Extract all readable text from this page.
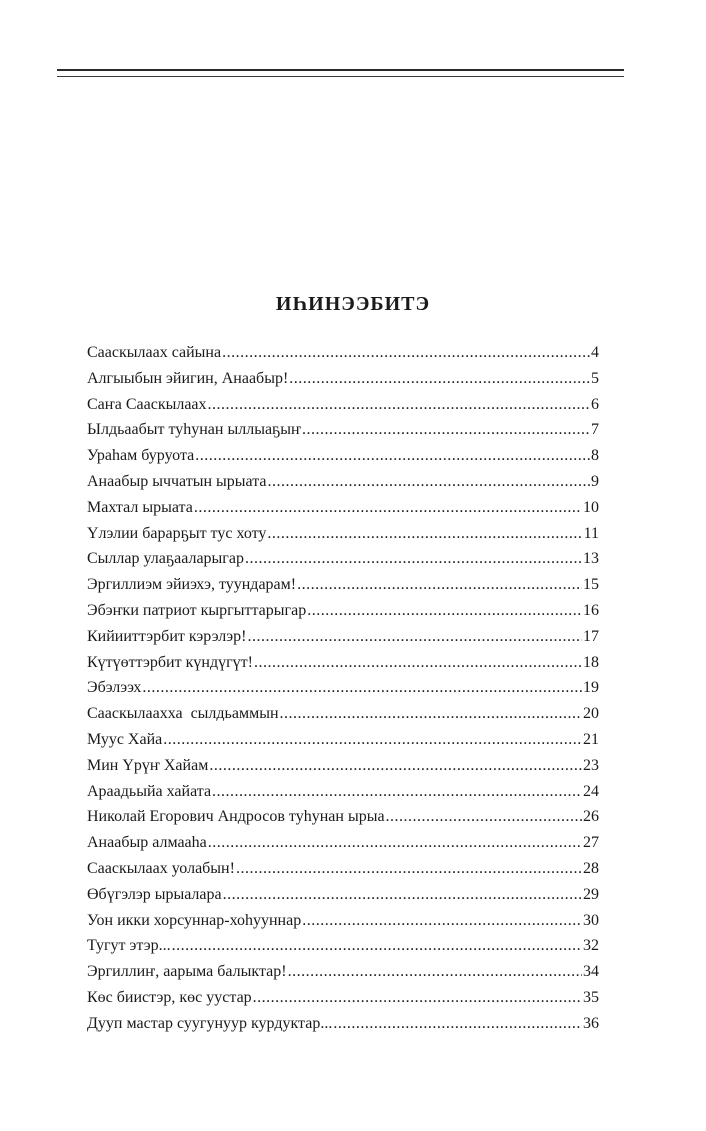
ИҺИНЭЭБИТЭ
Сааскылаах сайына .....	4
Алгыыбын эйигин, Анаабыр! .....	5
Саҥа Сааскылаах .....	6
Ылдьаабыт туһунан ыллыаҕыҥ .....	7
Ураһам буруота .....	8
Анаабыр ыччатын ырыата .....	9
Махтал ырыата .....	10
Үлэлии барарҕыт тус хоту .....	11
Сыллар улаҕааларыгар .....	13
Эргиллиэм эйиэхэ, туундарам! .....	15
Эбэҥки патриот кыргыттарыгар .....	16
Кийииттэрбит кэрэлэр! .....	17
Күтүөттэрбит күндүгүт! .....	18
Эбэлээх .....	19
Сааскылаахха  сылдьаммын .....	20
Муус Хайа .....	21
Мин Үрүҥ Хайам .....	23
Араадьыйа хайата .....	24
Николай Егорович Андросов туһунан ырыа .....	26
Анаабыр алмааһа .....	27
Сааскылаах уолабын! .....	28
Өбүгэлэр ырыалара .....	29
Уон икки хорсуннар-хоһууннар .....	30
Тугут этэр... .....	32
Эргиллиҥ, аарыма балыктар! .....	34
Көс биистэр, көс уустар .....	35
Дууп мастар суугунуур курдуктар... .....	36
